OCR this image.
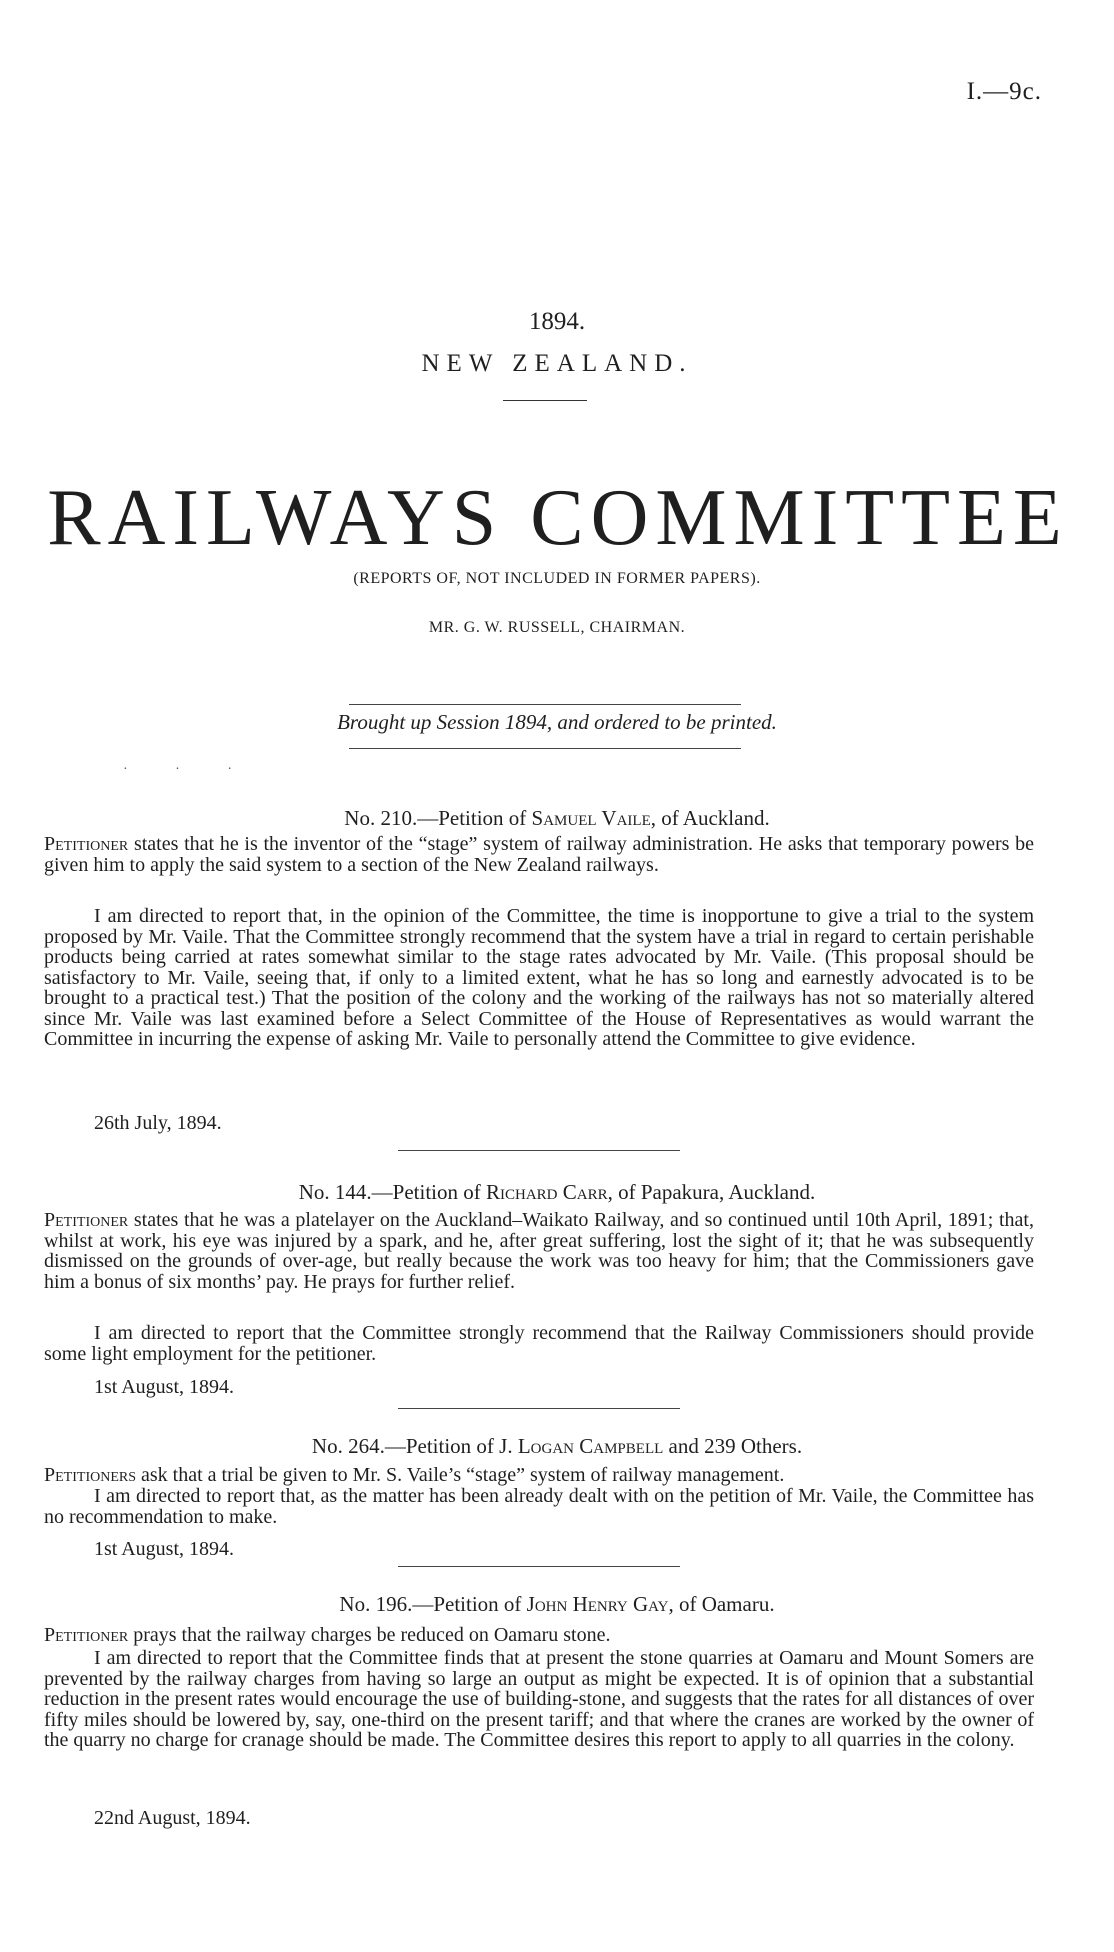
I.—9c.
1894.
NEW ZEALAND.
RAILWAYS COMMITTEE
(REPORTS OF, NOT INCLUDED IN FORMER PAPERS).
MR. G. W. RUSSELL, CHAIRMAN.
Brought up Session 1894, and ordered to be printed.
· · ·
No. 210.—Petition of Samuel Vaile, of Auckland.
Petitioner states that he is the inventor of the “stage” system of railway administration. He asks that temporary powers be given him to apply the said system to a section of the New Zealand railways.
I am directed to report that, in the opinion of the Committee, the time is inopportune to give a trial to the system proposed by Mr. Vaile. That the Committee strongly recommend that the system have a trial in regard to certain perishable products being carried at rates somewhat similar to the stage rates advocated by Mr. Vaile. (This proposal should be satisfactory to Mr. Vaile, seeing that, if only to a limited extent, what he has so long and earnestly advocated is to be brought to a practical test.) That the position of the colony and the working of the railways has not so materially altered since Mr. Vaile was last examined before a Select Committee of the House of Representatives as would warrant the Committee in incurring the expense of asking Mr. Vaile to personally attend the Committee to give evidence.
26th July, 1894.
No. 144.—Petition of Richard Carr, of Papakura, Auckland.
Petitioner states that he was a platelayer on the Auckland–Waikato Railway, and so continued until 10th April, 1891; that, whilst at work, his eye was injured by a spark, and he, after great suffering, lost the sight of it; that he was subsequently dismissed on the grounds of over-age, but really because the work was too heavy for him; that the Commissioners gave him a bonus of six months’ pay. He prays for further relief.
I am directed to report that the Committee strongly recommend that the Railway Commissioners should provide some light employment for the petitioner.
1st August, 1894.
No. 264.—Petition of J. Logan Campbell and 239 Others.
Petitioners ask that a trial be given to Mr. S. Vaile’s “stage” system of railway management.
I am directed to report that, as the matter has been already dealt with on the petition of Mr. Vaile, the Committee has no recommendation to make.
1st August, 1894.
No. 196.—Petition of John Henry Gay, of Oamaru.
Petitioner prays that the railway charges be reduced on Oamaru stone.
I am directed to report that the Committee finds that at present the stone quarries at Oamaru and Mount Somers are prevented by the railway charges from having so large an output as might be expected. It is of opinion that a substantial reduction in the present rates would encourage the use of building-stone, and suggests that the rates for all distances of over fifty miles should be lowered by, say, one-third on the present tariff; and that where the cranes are worked by the owner of the quarry no charge for cranage should be made. The Committee desires this report to apply to all quarries in the colony.
22nd August, 1894.
